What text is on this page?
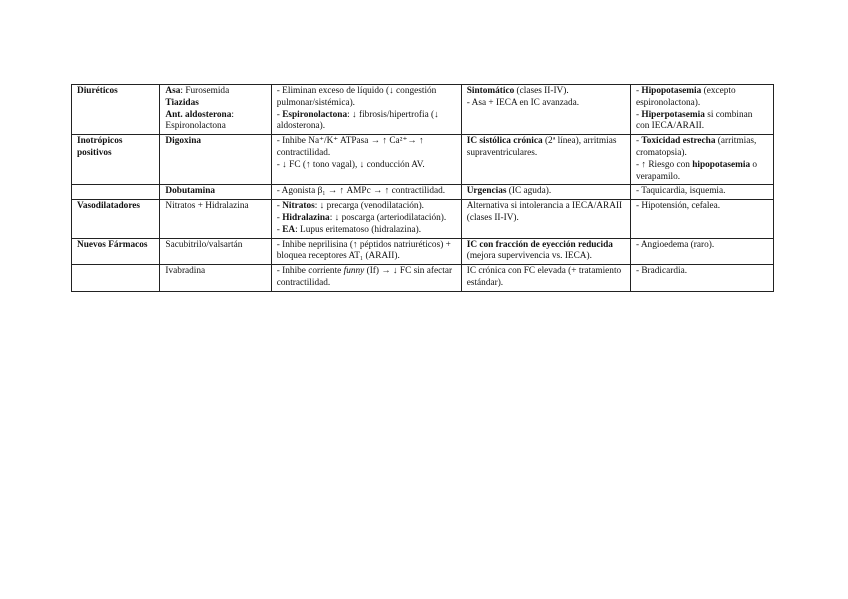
Diuréticos	Asa: Furosemida
Tiazidas
Ant. aldosterona:
Espironolactona	- Eliminan exceso de líquido (↓ congestión pulmonar/sistémica).
- Espironolactona: ↓ fibrosis/hipertrofia (↓ aldosterona).	Sintomático (clases II-IV).
- Asa + IECA en IC avanzada.	- Hipopotasemia (excepto espironolactona).
- Hiperpotasemia si combinan con IECA/ARAII.

Inotrópicos positivos	Digoxina	- Inhibe Na⁺/K⁺ ATPasa → ↑ Ca²⁺→ ↑ contractilidad.
- ↓ FC (↑ tono vagal), ↓ conducción AV.	IC sistólica crónica (2ª línea), arritmias supraventriculares.	- Toxicidad estrecha (arritmias, cromatopsia).
- ↑ Riesgo con hipopotasemia o verapamilo.

	Dobutamina	- Agonista β₁ → ↑ AMPc → ↑ contractilidad.	Urgencias (IC aguda).	- Taquicardia, isquemia.

Vasodilatadores	Nitratos + Hidralazina	- Nitratos: ↓ precarga (venodilatación).
- Hidralazina: ↓ poscarga (arteriodilatación).
- EA: Lupus eritematoso (hidralazina).	Alternativa si intolerancia a IECA/ARAII (clases II-IV).	- Hipotensión, cefalea.

Nuevos Fármacos	Sacubitrilo/valsartán	- Inhibe neprilisina (↑ péptidos natriuréticos) + bloquea receptores AT₁ (ARAII).	IC con fracción de eyección reducida (mejora supervivencia vs. IECA).	- Angioedema (raro).

	Ivabradina	- Inhibe corriente funny (If) → ↓ FC sin afectar contractilidad.	IC crónica con FC elevada (+ tratamiento estándar).	- Bradicardia.
